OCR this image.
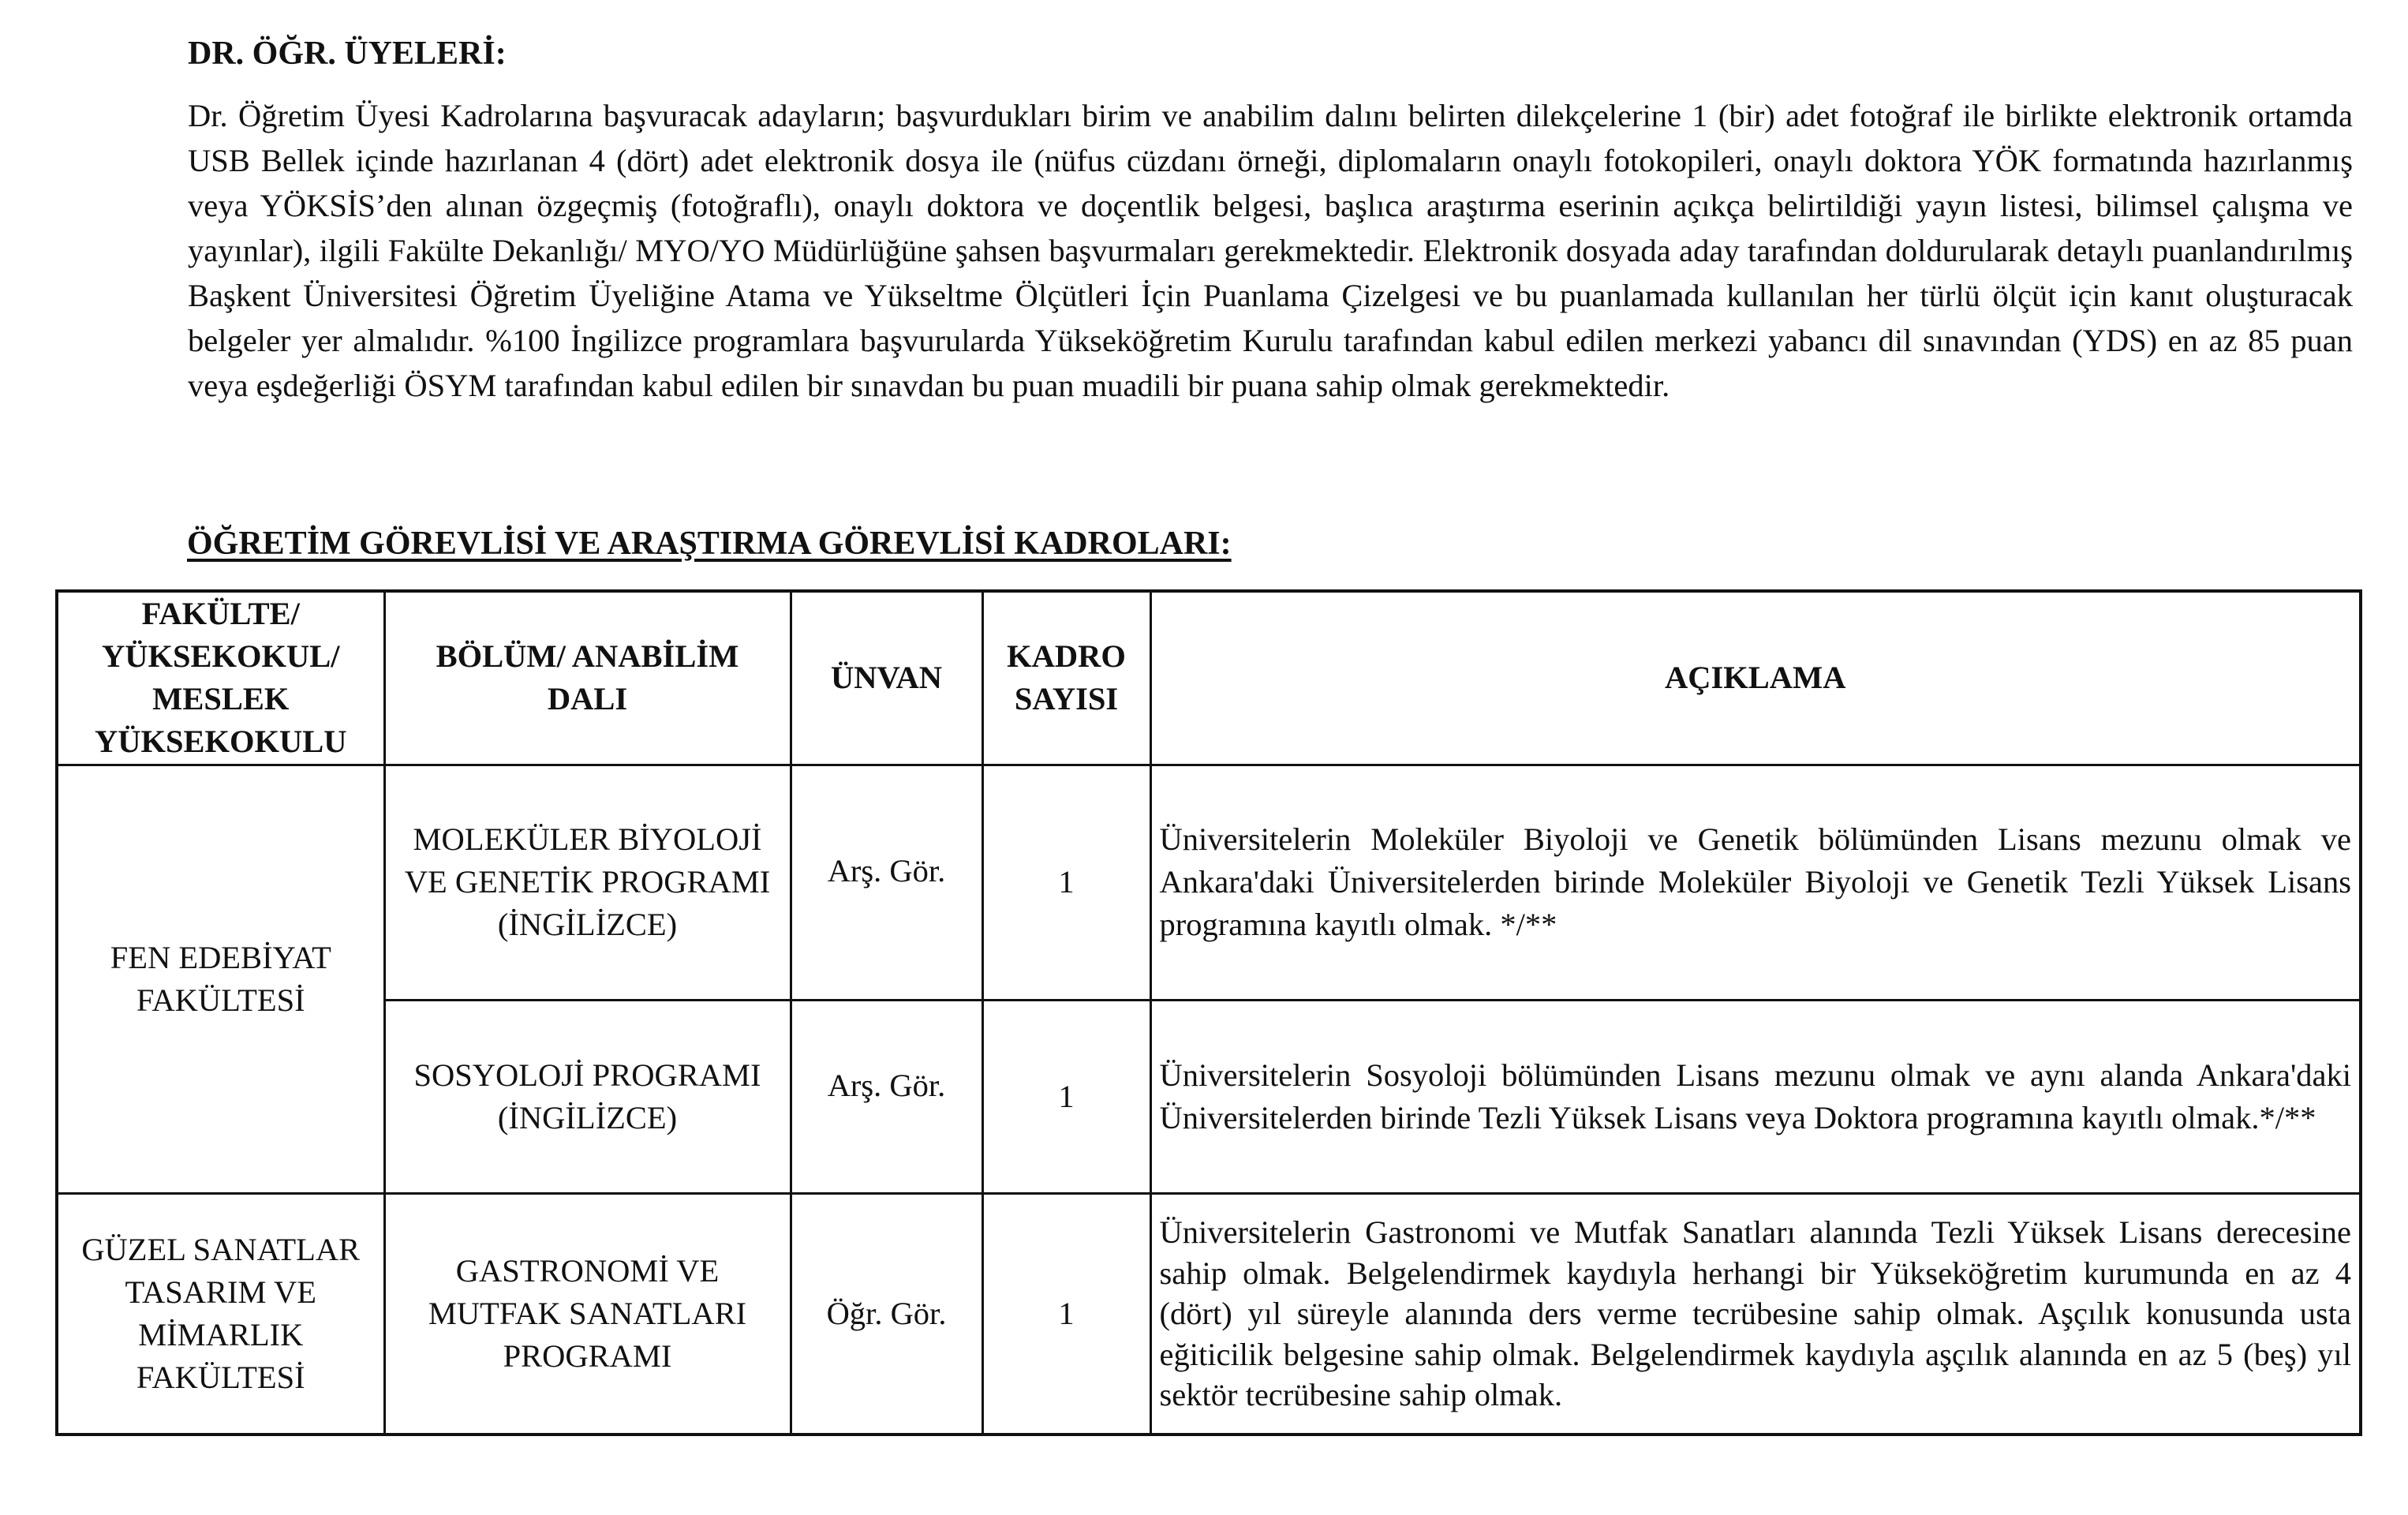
DR. ÖĞR. ÜYELERİ:
Dr. Öğretim Üyesi Kadrolarına başvuracak adayların; başvurdukları birim ve anabilim dalını belirten dilekçelerine 1 (bir) adet fotoğraf ile birlikte elektronik ortamda USB Bellek içinde hazırlanan 4 (dört) adet elektronik dosya ile (nüfus cüzdanı örneği, diplomaların onaylı fotokopileri, onaylı doktora YÖK formatında hazırlanmış veya YÖKSİS’den alınan özgeçmiş (fotoğraflı), onaylı doktora ve doçentlik belgesi, başlıca araştırma eserinin açıkça belirtildiği yayın listesi, bilimsel çalışma ve yayınlar), ilgili Fakülte Dekanlığı/ MYO/YO Müdürlüğüne şahsen başvurmaları gerekmektedir. Elektronik dosyada aday tarafından doldurularak detaylı puanlandırılmış Başkent Üniversitesi Öğretim Üyeliğine Atama ve Yükseltme Ölçütleri İçin Puanlama Çizelgesi ve bu puanlamada kullanılan her türlü ölçüt için kanıt oluşturacak belgeler yer almalıdır. %100 İngilizce programlara başvurularda Yükseköğretim Kurulu tarafından kabul edilen merkezi yabancı dil sınavından (YDS) en az 85 puan veya eşdeğerliği ÖSYM tarafından kabul edilen bir sınavdan bu puan muadili bir puana sahip olmak gerekmektedir.
ÖĞRETİM GÖREVLİSİ VE ARAŞTIRMA GÖREVLİSİ KADROLARI:
FAKÜLTE/ YÜKSEKOKUL/ MESLEK YÜKSEKOKULU	BÖLÜM/ ANABİLİM DALI	ÜNVAN	KADRO SAYISI	AÇIKLAMA
FEN EDEBİYAT FAKÜLTESİ	MOLEKÜLER BİYOLOJİ VE GENETİK PROGRAMI (İNGİLİZCE)	Arş. Gör.	1	Üniversitelerin Moleküler Biyoloji ve Genetik bölümünden Lisans mezunu olmak ve Ankara'daki Üniversitelerden birinde Moleküler Biyoloji ve Genetik Tezli Yüksek Lisans programına kayıtlı olmak. */**
	SOSYOLOJİ PROGRAMI (İNGİLİZCE)	Arş. Gör.	1	Üniversitelerin Sosyoloji bölümünden Lisans mezunu olmak ve aynı alanda Ankara'daki Üniversitelerden birinde Tezli Yüksek Lisans veya Doktora programına kayıtlı olmak.*/**
GÜZEL SANATLAR TASARIM VE MİMARLIK FAKÜLTESİ	GASTRONOMİ VE MUTFAK SANATLARI PROGRAMI	Öğr. Gör.	1	Üniversitelerin Gastronomi ve Mutfak Sanatları alanında Tezli Yüksek Lisans derecesine sahip olmak. Belgelendirmek kaydıyla herhangi bir Yükseköğretim kurumunda en az 4 (dört) yıl süreyle alanında ders verme tecrübesine sahip olmak. Aşçılık konusunda usta eğiticilik belgesine sahip olmak. Belgelendirmek kaydıyla aşçılık alanında en az 5 (beş) yıl sektör tecrübesine sahip olmak.
